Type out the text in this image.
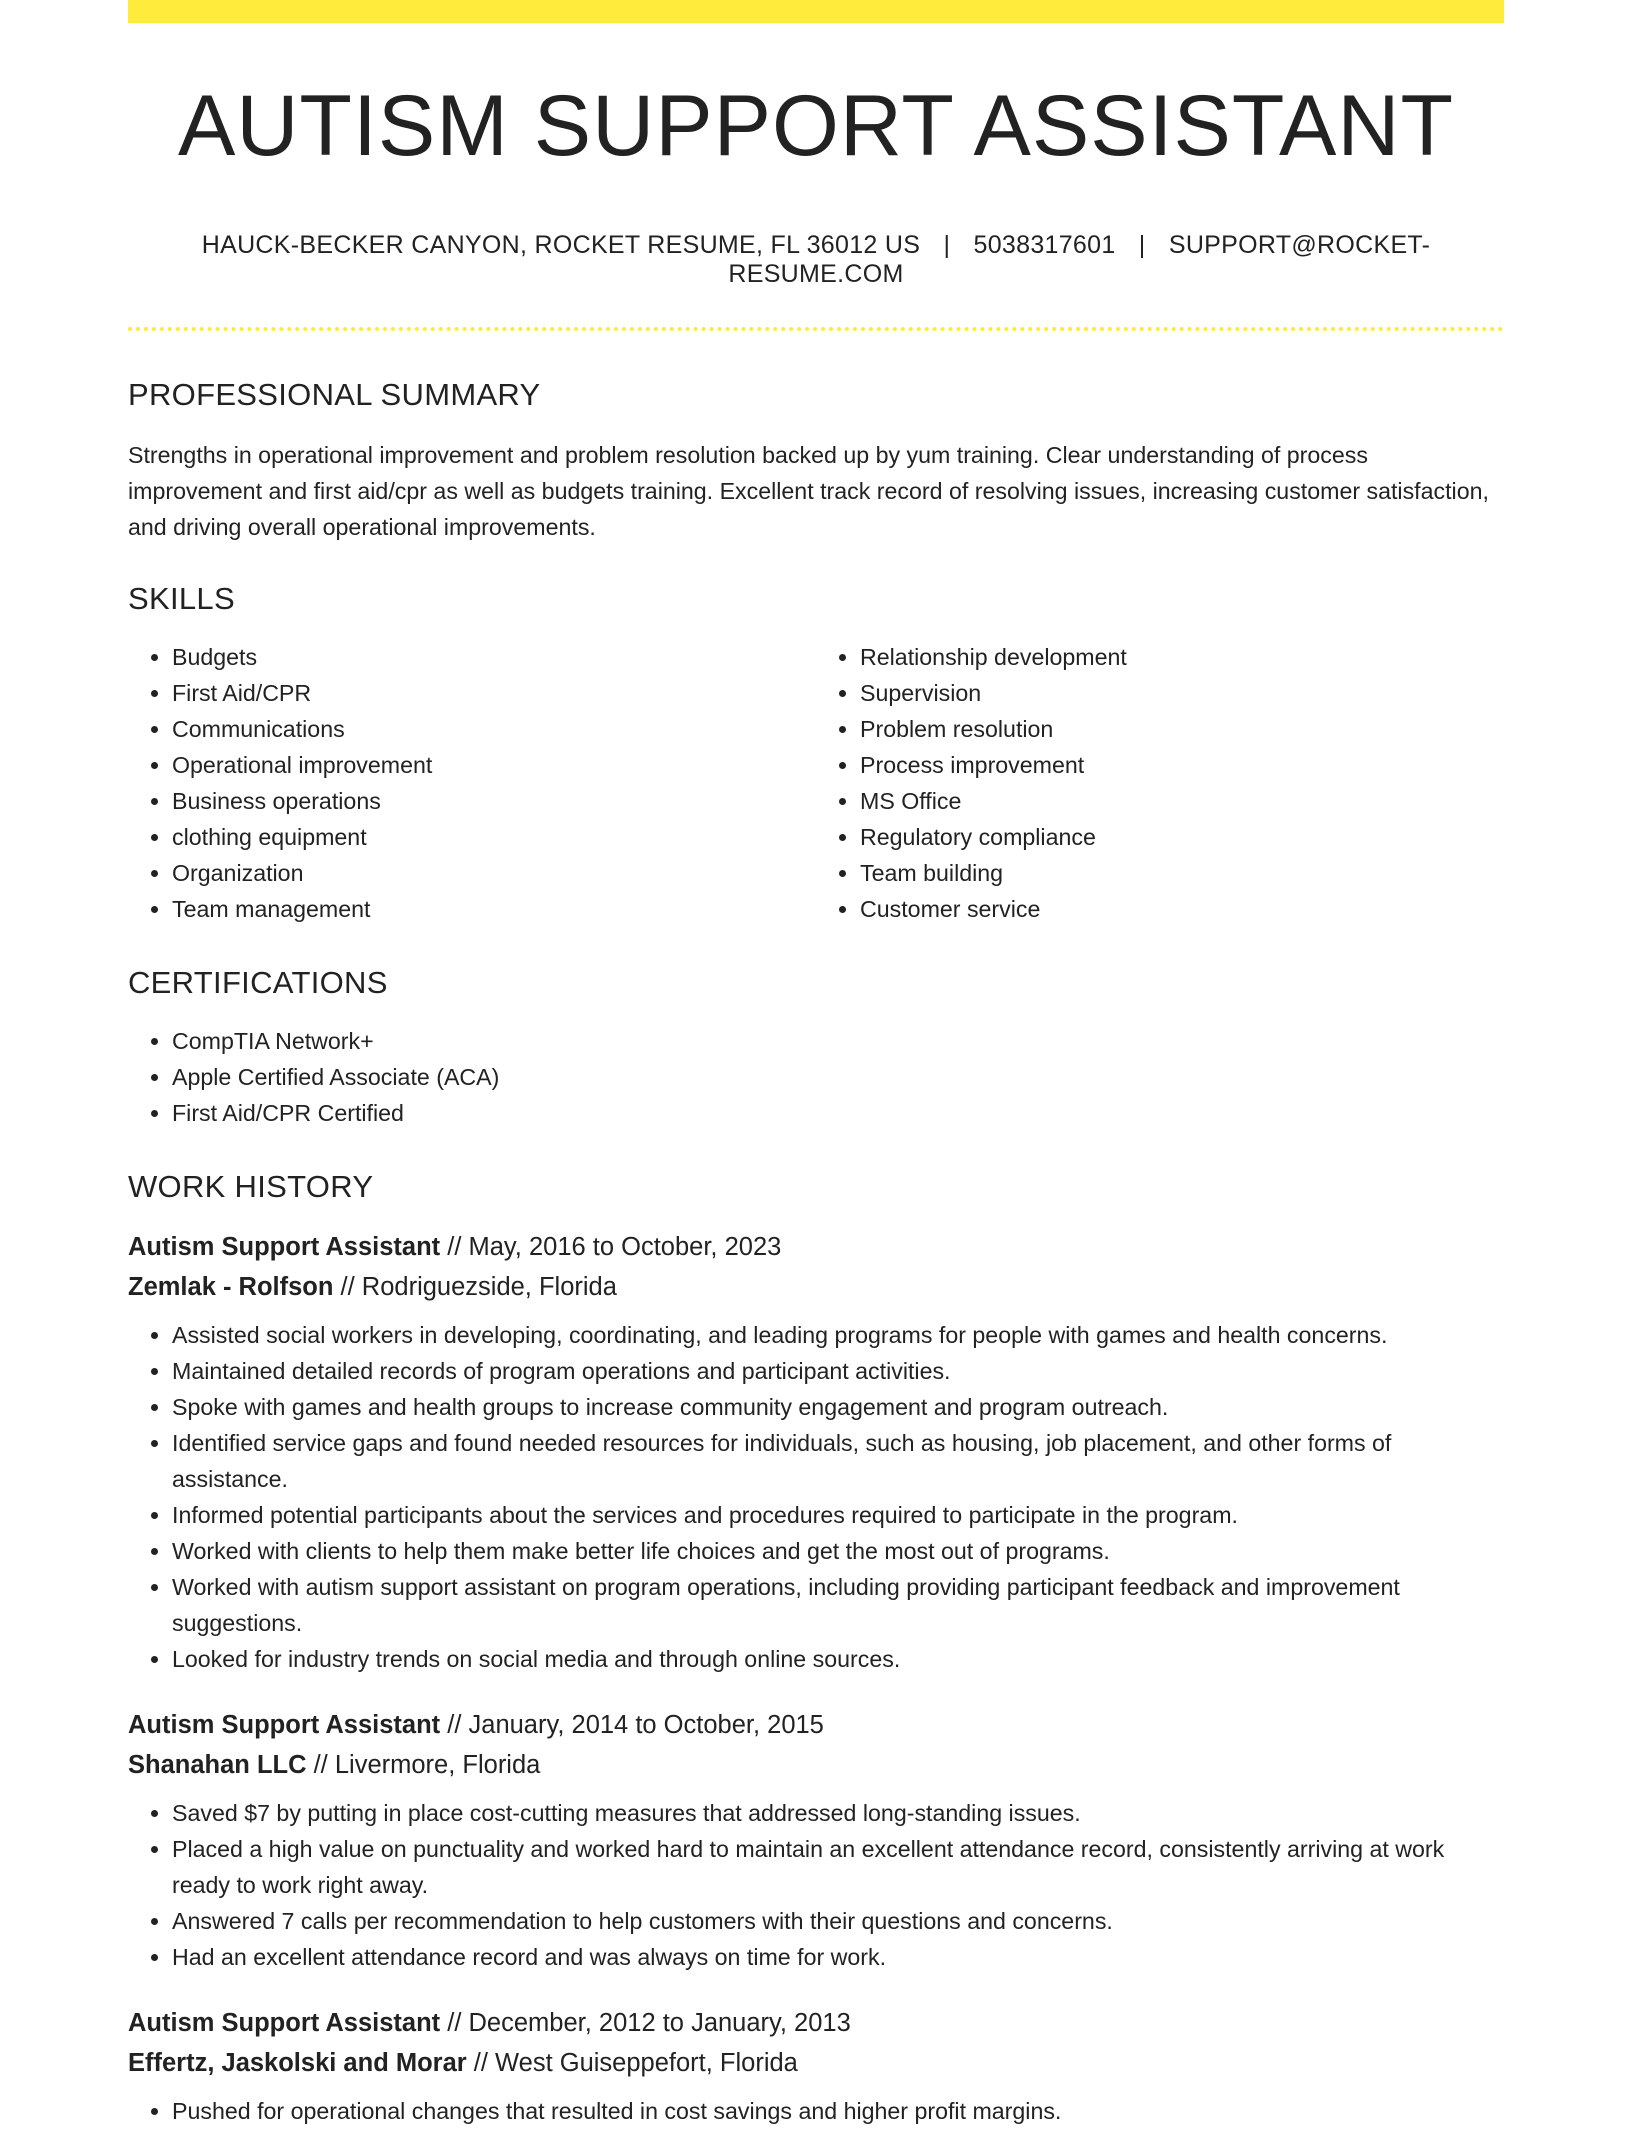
AUTISM SUPPORT ASSISTANT
HAUCK-BECKER CANYON, ROCKET RESUME, FL 36012 US | 5038317601 | SUPPORT@ROCKET-RESUME.COM
PROFESSIONAL SUMMARY

Strengths in operational improvement and problem resolution backed up by yum training. Clear understanding of process improvement and first aid/cpr as well as budgets training. Excellent track record of resolving issues, increasing customer satisfaction, and driving overall operational improvements.

SKILLS
• Budgets
• First Aid/CPR
• Communications
• Operational improvement
• Business operations
• clothing equipment
• Organization
• Team management
• Relationship development
• Supervision
• Problem resolution
• Process improvement
• MS Office
• Regulatory compliance
• Team building
• Customer service
CERTIFICATIONS
• CompTIA Network+
• Apple Certified Associate (ACA)
• First Aid/CPR Certified
WORK HISTORY
Autism Support Assistant // May, 2016 to October, 2023
Zemlak - Rolfson // Rodriguezside, Florida
• Assisted social workers in developing, coordinating, and leading programs for people with games and health concerns.
• Maintained detailed records of program operations and participant activities.
• Spoke with games and health groups to increase community engagement and program outreach.
• Identified service gaps and found needed resources for individuals, such as housing, job placement, and other forms of assistance.
• Informed potential participants about the services and procedures required to participate in the program.
• Worked with clients to help them make better life choices and get the most out of programs.
• Worked with autism support assistant on program operations, including providing participant feedback and improvement suggestions.
• Looked for industry trends on social media and through online sources.
Autism Support Assistant // January, 2014 to October, 2015
Shanahan LLC // Livermore, Florida
• Saved $7 by putting in place cost-cutting measures that addressed long-standing issues.
• Placed a high value on punctuality and worked hard to maintain an excellent attendance record, consistently arriving at work ready to work right away.
• Answered 7 calls per recommendation to help customers with their questions and concerns.
• Had an excellent attendance record and was always on time for work.
Autism Support Assistant // December, 2012 to January, 2013
Effertz, Jaskolski and Morar // West Guiseppefort, Florida
• Pushed for operational changes that resulted in cost savings and higher profit margins.
